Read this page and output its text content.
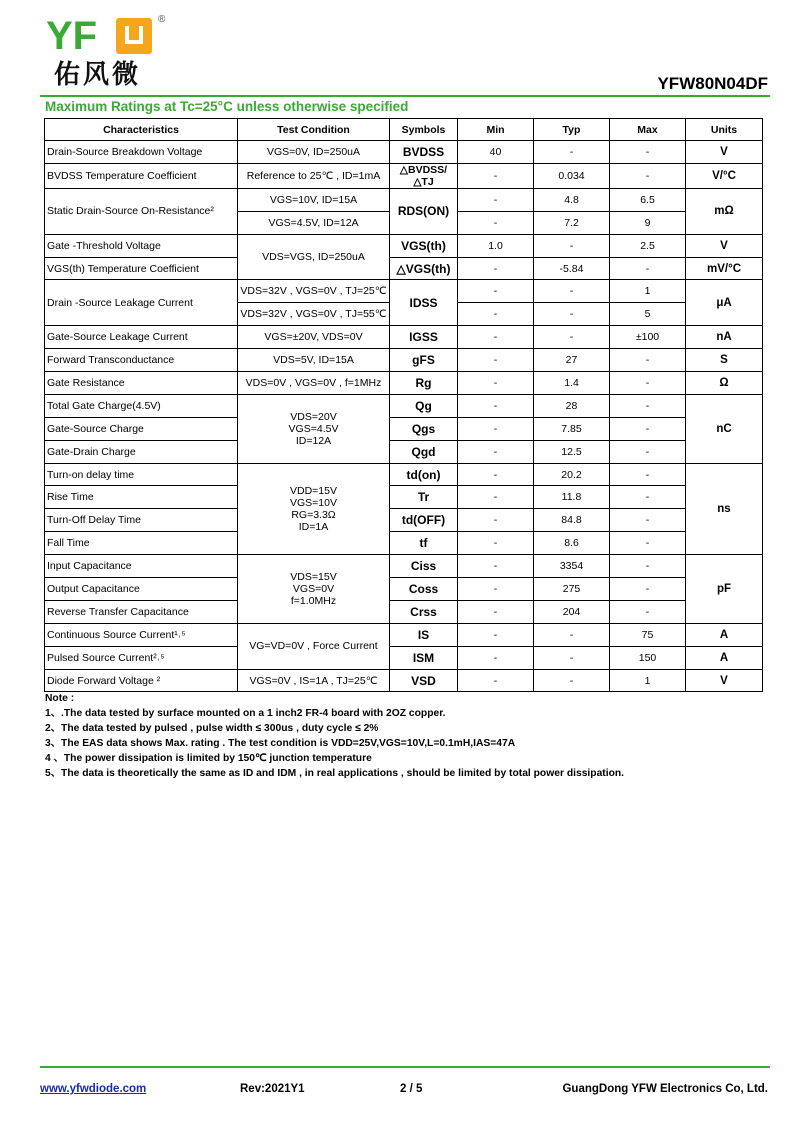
YF	®
佑风微	YFW80N04DF
Maximum Ratings at Tc=25°C unless otherwise specified
Characteristics	Test Condition	Symbols	Min	Typ	Max	Units
Drain-Source Breakdown Voltage	VGS=0V, ID=250uA	BVDSS	40	-	-	V
BVDSS Temperature Coefficient	Reference to 25℃ , ID=1mA	△BVDSS/△TJ	-	0.034	-	V/°C
Static Drain-Source On-Resistance²	VGS=10V, ID=15A	RDS(ON)	-	4.8	6.5	mΩ
	VGS=4.5V, ID=12A		-	7.2	9	
Gate -Threshold Voltage	VDS=VGS, ID=250uA	VGS(th)	1.0	-	2.5	V
VGS(th) Temperature Coefficient		△VGS(th)	-	-5.84	-	mV/°C
Drain -Source Leakage Current	VDS=32V , VGS=0V , TJ=25℃	IDSS	-	-	1	μA
	VDS=32V , VGS=0V , TJ=55℃		-	-	5	
Gate-Source Leakage Current	VGS=±20V, VDS=0V	IGSS	-	-	±100	nA
Forward Transconductance	VDS=5V, ID=15A	gFS	-	27	-	S
Gate Resistance	VDS=0V , VGS=0V , f=1MHz	Rg	-	1.4	-	Ω
Total Gate Charge(4.5V)	VDS=20V
VGS=4.5V
ID=12A	Qg	-	28	-	nC
Gate-Source Charge		Qgs	-	7.85	-	
Gate-Drain Charge		Qgd	-	12.5	-	
Turn-on delay time	VDD=15V
VGS=10V
RG=3.3Ω
ID=1A	td(on)	-	20.2	-	ns
Rise Time		Tr	-	11.8	-	
Turn-Off Delay Time		td(OFF)	-	84.8	-	
Fall Time		tf	-	8.6	-	
Input Capacitance	VDS=15V
VGS=0V
f=1.0MHz	Ciss	-	3354	-	pF
Output Capacitance		Coss	-	275	-	
Reverse Transfer Capacitance		Crss	-	204	-	
Continuous Source Current¹˒⁵	VG=VD=0V , Force Current	IS	-	-	75	A
Pulsed Source Current²˒⁵		ISM	-	-	150	A
Diode Forward Voltage ²	VGS=0V , IS=1A , TJ=25℃	VSD	-	-	1	V
Note :
1、.The data tested by surface mounted on a 1 inch2 FR-4 board with 2OZ copper.
2、The data tested by pulsed , pulse width ≤ 300us , duty cycle ≤ 2%
3、The EAS data shows Max. rating . The test condition is VDD=25V,VGS=10V,L=0.1mH,IAS=47A
4 、The power dissipation is limited by 150℃ junction temperature
5、The data is theoretically the same as ID and IDM , in real applications , should be limited by total power dissipation.
www.yfwdiode.com	Rev:2021Y1	2 / 5	GuangDong YFW Electronics Co, Ltd.
